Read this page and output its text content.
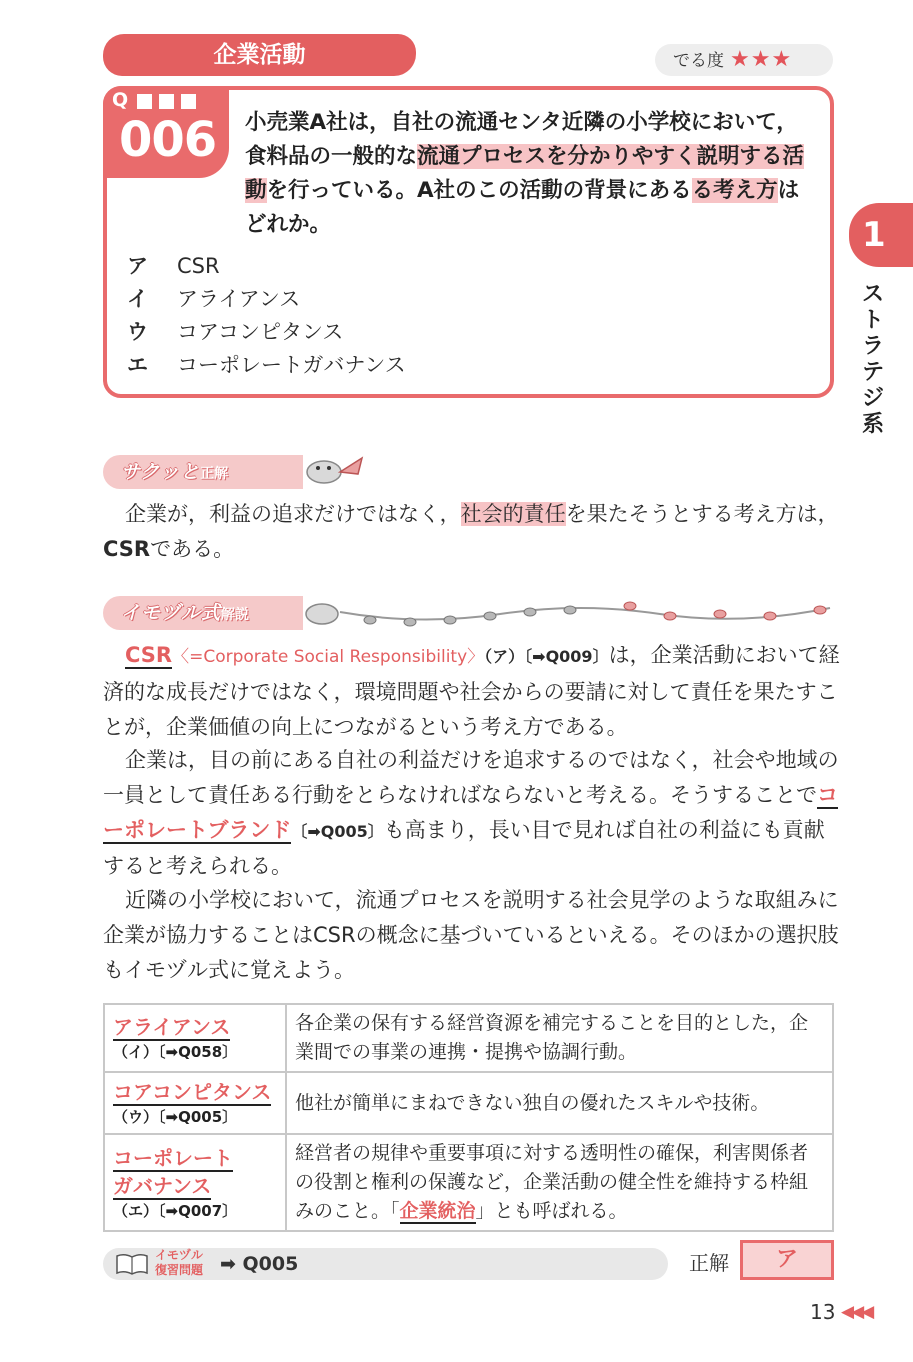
企業活動	でる度 ★★★
Q
006 小売業A社は，自社の流通センタ近隣の小学校において，食料品の一般的な流通プロセスを分かりやすく説明する活動を行っている。A社のこの活動の背景にあるる考え方はどれか。
ア CSR
イ アライアンス
ウ コアコンピタンス
エ コーポレートガバナンス
1
ストラテジ系
サクッと正解
企業が，利益の追求だけではなく，社会的責任を果たそうとする考え方は，CSRである。
イモヅル式解説
CSR〈=Corporate Social Responsibility〉（ア）〔➡Q009〕は，企業活動において経済的な成長だけではなく，環境問題や社会からの要請に対して責任を果たすことが，企業価値の向上につながるという考え方である。
企業は，目の前にある自社の利益だけを追求するのではなく，社会や地域の一員として責任ある行動をとらなければならないと考える。そうすることでコーポレートブランド〔➡Q005〕も高まり，長い目で見れば自社の利益にも貢献すると考えられる。
近隣の小学校において，流通プロセスを説明する社会見学のような取組みに企業が協力することはCSRの概念に基づいているといえる。そのほかの選択肢もイモヅル式に覚えよう。
アライアンス
（イ）〔➡Q058〕	各企業の保有する経営資源を補完することを目的とした，企業間での事業の連携・提携や協調行動。

コアコンピタンス
（ウ）〔➡Q005〕	他社が簡単にまねできない独自の優れたスキルや技術。

コーポレート
ガバナンス
（エ）〔➡Q007〕	経営者の規律や重要事項に対する透明性の確保，利害関係者の役割と権利の保護など，企業活動の健全性を維持する枠組みのこと。「企業統治」とも呼ばれる。
イモヅル
復習問題 ➡ Q005	正解	ア
13 ◀◀◀
